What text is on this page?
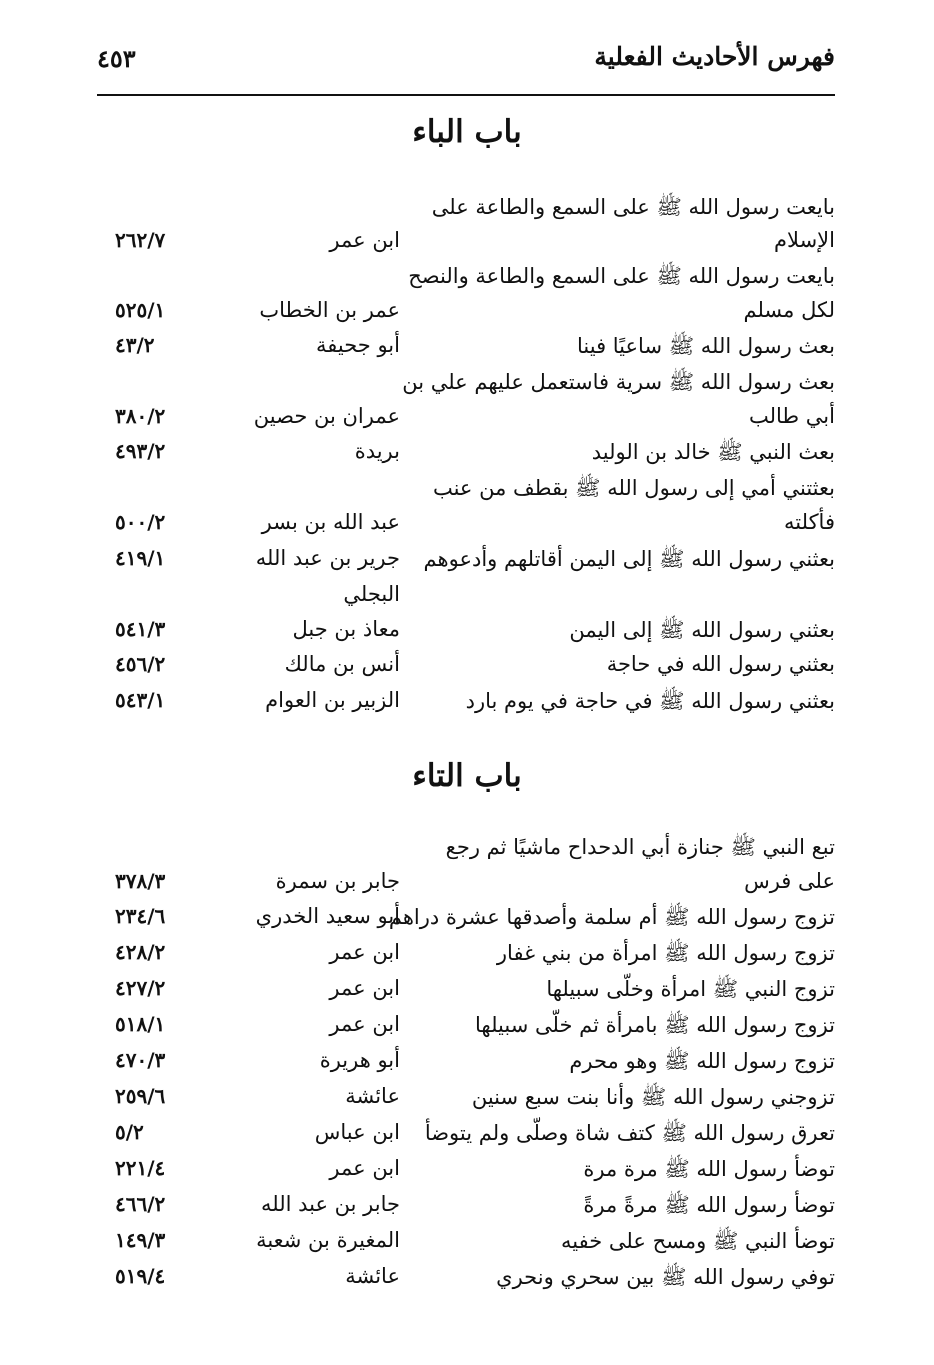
فهرس الأحاديث الفعلية
٤٥٣
باب الباء
بايعت رسول الله ﷺ على السمع والطاعة على
الإسلام
ابن عمر
٢٦٢/٧
بايعت رسول الله ﷺ على السمع والطاعة والنصح
لكل مسلم
عمر بن الخطاب
٥٢٥/١
بعث رسول الله ﷺ ساعيًا فينا
أبو جحيفة
٤٣/٢
بعث رسول الله ﷺ سرية فاستعمل عليهم علي بن
أبي طالب
عمران بن حصين
٣٨٠/٢
بعث النبي ﷺ خالد بن الوليد
بريدة
٤٩٣/٢
بعثتني أمي إلى رسول الله ﷺ بقطف من عنب
فأكلته
عبد الله بن بسر
٥٠٠/٢
بعثني رسول الله ﷺ إلى اليمن أقاتلهم وأدعوهم
جرير بن عبد الله
٤١٩/١
البجلي
بعثني رسول الله ﷺ إلى اليمن
معاذ بن جبل
٥٤١/٣
بعثني رسول الله في حاجة
أنس بن مالك
٤٥٦/٢
بعثني رسول الله ﷺ في حاجة في يوم بارد
الزبير بن العوام
٥٤٣/١
باب التاء
تبع النبي ﷺ جنازة أبي الدحداح ماشيًا ثم رجع
على فرس
جابر بن سمرة
٣٧٨/٣
تزوج رسول الله ﷺ أم سلمة وأصدقها عشرة دراهم
أبو سعيد الخدري
٢٣٤/٦
تزوج رسول الله ﷺ امرأة من بني غفار
ابن عمر
٤٢٨/٢
تزوج النبي ﷺ امرأة وخلّى سبيلها
ابن عمر
٤٢٧/٢
تزوج رسول الله ﷺ بامرأة ثم خلّى سبيلها
ابن عمر
٥١٨/١
تزوج رسول الله ﷺ وهو محرم
أبو هريرة
٤٧٠/٣
تزوجني رسول الله ﷺ وأنا بنت سبع سنين
عائشة
٢٥٩/٦
تعرق رسول الله ﷺ كتف شاة وصلّى ولم يتوضأ
ابن عباس
٥/٢
توضأ رسول الله ﷺ مرة مرة
ابن عمر
٢٢١/٤
توضأ رسول الله ﷺ مرةً مرةً
جابر بن عبد الله
٤٦٦/٢
توضأ النبي ﷺ ومسح على خفيه
المغيرة بن شعبة
١٤٩/٣
توفي رسول الله ﷺ بين سحري ونحري
عائشة
٥١٩/٤
